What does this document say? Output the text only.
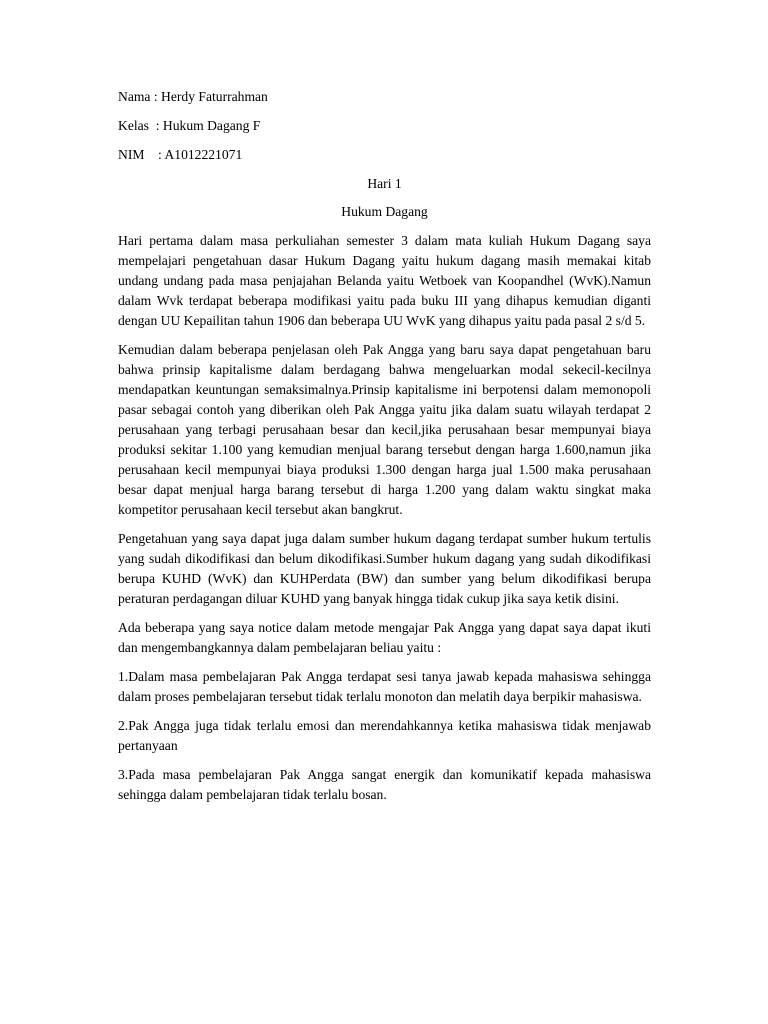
Nama : Herdy Faturrahman
Kelas  : Hukum Dagang F
NIM    : A1012221071
Hari 1
Hukum Dagang

Hari pertama dalam masa perkuliahan semester 3 dalam mata kuliah Hukum Dagang saya mempelajari pengetahuan dasar Hukum Dagang yaitu hukum dagang masih memakai kitab undang undang pada masa penjajahan Belanda yaitu Wetboek van Koopandhel (WvK).Namun dalam Wvk terdapat beberapa modifikasi yaitu pada buku III yang dihapus kemudian diganti dengan UU Kepailitan tahun 1906 dan beberapa UU WvK yang dihapus yaitu pada pasal 2 s/d 5.

Kemudian dalam beberapa penjelasan oleh Pak Angga yang baru saya dapat pengetahuan baru bahwa prinsip kapitalisme dalam berdagang bahwa mengeluarkan modal sekecil-kecilnya mendapatkan keuntungan semaksimalnya.Prinsip kapitalisme ini berpotensi dalam memonopoli pasar sebagai contoh yang diberikan oleh Pak Angga yaitu jika dalam suatu wilayah terdapat 2 perusahaan yang terbagi perusahaan besar dan kecil,jika perusahaan besar mempunyai biaya produksi sekitar 1.100 yang kemudian menjual barang tersebut dengan harga 1.600,namun jika perusahaan kecil mempunyai biaya produksi 1.300 dengan harga jual 1.500 maka perusahaan besar dapat menjual harga barang tersebut di harga 1.200 yang dalam waktu singkat maka kompetitor perusahaan kecil tersebut akan bangkrut.

Pengetahuan yang saya dapat juga dalam sumber hukum dagang terdapat sumber hukum tertulis yang sudah dikodifikasi dan belum dikodifikasi.Sumber hukum dagang yang sudah dikodifikasi berupa KUHD (WvK) dan KUHPerdata (BW) dan sumber yang belum dikodifikasi berupa peraturan perdagangan diluar KUHD yang banyak hingga tidak cukup jika saya ketik disini.

Ada beberapa yang saya notice dalam metode mengajar Pak Angga yang dapat saya dapat ikuti dan mengembangkannya dalam pembelajaran beliau yaitu :

1.Dalam masa pembelajaran Pak Angga terdapat sesi tanya jawab kepada mahasiswa sehingga dalam proses pembelajaran tersebut tidak terlalu monoton dan melatih daya berpikir mahasiswa.

2.Pak Angga juga tidak terlalu emosi dan merendahkannya ketika mahasiswa tidak menjawab pertanyaan

3.Pada masa pembelajaran Pak Angga sangat energik dan komunikatif kepada mahasiswa sehingga dalam pembelajaran tidak terlalu bosan.
